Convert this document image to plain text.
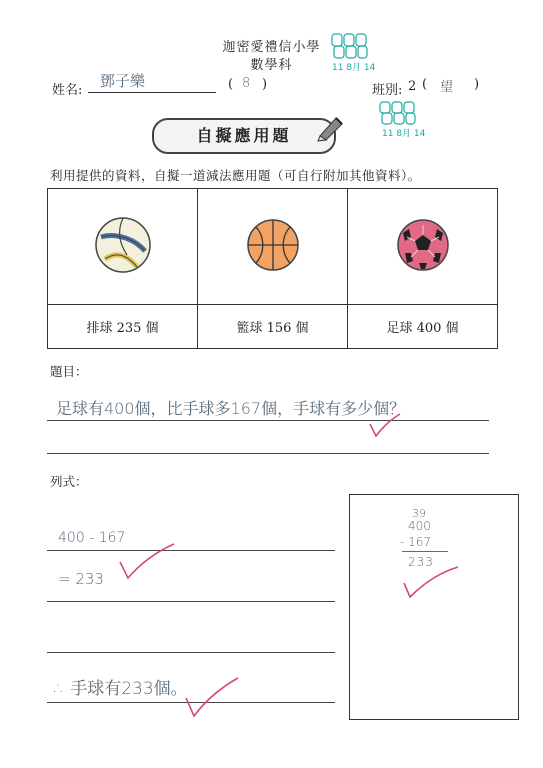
迦密愛禮信小學
數學科
姓名:
鄧子樂	( 8 )	班別: 2 ( 望 )
11 8月 14
11 8月 14
自擬應用題
利用提供的資料，自擬一道減法應用題（可自行附加其他資料）。

排球 235 個	籃球 156 個	足球 400 個
題目：
足球有400個，比手球多167個，手球有多少個？
列式：
400 - 167
= 233
∴ 手球有233個。
39
400
- 167
233
